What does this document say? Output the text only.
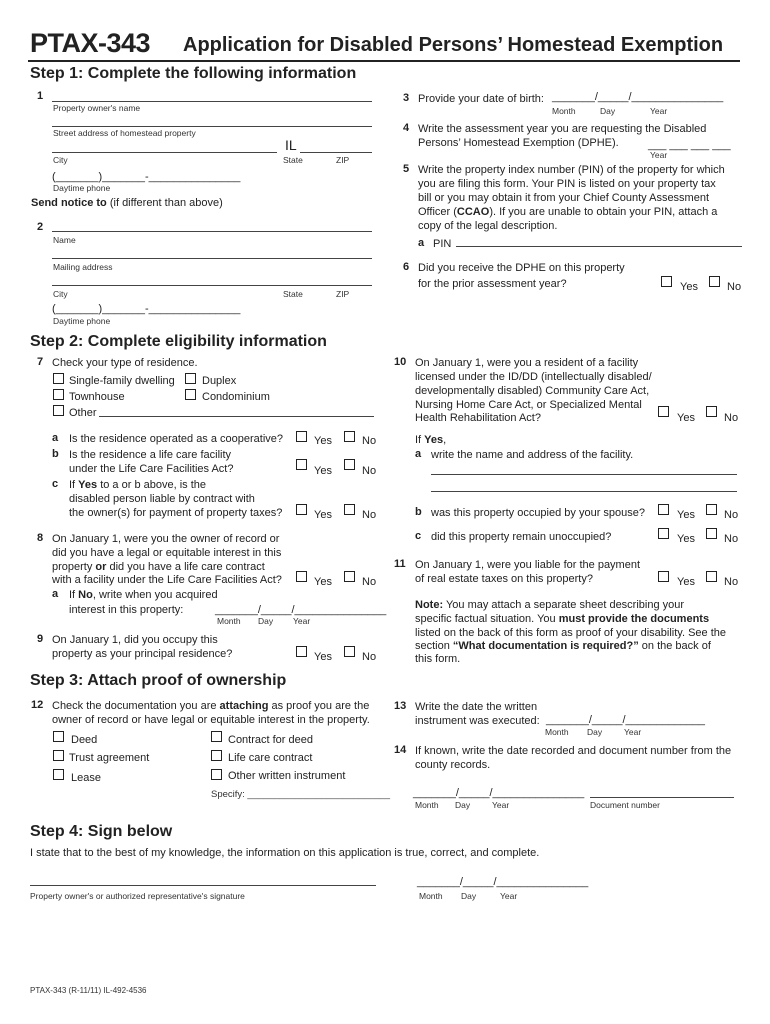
PTAX-343 Application for Disabled Persons’ Homestead Exemption
Step 1: Complete the following information
1
Property owner's name
Street address of homestead property
IL
City	State	ZIP
(_______)_______-_______________
Daytime phone
Send notice to (if different than above)
2
Name
Mailing address
City	State	ZIP
(_______)_______-_______________
Daytime phone
3 Provide your date of birth: _______/_____/_______________
Month	Day	Year
4 Write the assessment year you are requesting the Disabled
Persons’ Homestead Exemption (DPHE).	___ ___ ___ ___
Year
5 Write the property index number (PIN) of the property for which
you are filing this form. Your PIN is listed on your property tax
bill or you may obtain it from your Chief County Assessment
Officer (CCAO). If you are unable to obtain your PIN, attach a
copy of the legal description.
a PIN
6 Did you receive the DPHE on this property
for the prior assessment year?	Yes	No
Step 2: Complete eligibility information
7 Check your type of residence.
Single-family dwelling Duplex
Townhouse	Condominium
Other
a Is the residence operated as a cooperative?	Yes	No
b Is the residence a life care facility
under the Life Care Facilities Act?	Yes	No
c If Yes to a or b above, is the
disabled person liable by contract with
the owner(s) for payment of property taxes?	Yes	No
8 On January 1, were you the owner of record or
did you have a legal or equitable interest in this
property or did you have a life care contract
with a facility under the Life Care Facilities Act?	Yes	No
a If No, write when you acquired
interest in this property:	_______/_____/_______________
Month Day Year
9 On January 1, did you occupy this
property as your principal residence?	Yes	No
10 On January 1, were you a resident of a facility
licensed under the ID/DD (intellectually disabled/
developmentally disabled) Community Care Act,
Nursing Home Care Act, or Specialized Mental
Health Rehabilitation Act?	Yes	No
If Yes,
a write the name and address of the facility.
b was this property occupied by your spouse?	Yes	No
c did this property remain unoccupied?	Yes	No
11 On January 1, were you liable for the payment
of real estate taxes on this property?	Yes	No
Note: You may attach a separate sheet describing your
specific factual situation. You must provide the documents
listed on the back of this form as proof of your disability. See the
section “What documentation is required?” on the back of
this form.
Step 3: Attach proof of ownership
12 Check the documentation you are attaching as proof you are the
owner of record or have legal or equitable interest in the property.
Deed	Contract for deed
Trust agreement	Life care contract
Lease	Other written instrument
Specify: ___________________________
13 Write the date the written
instrument was executed: _______/_____/_____________
Month Day	Year
14 If known, write the date recorded and document number from the
county records.
_______/_____/_______________
Month Day	Year	Document number
Step 4: Sign below
I state that to the best of my knowledge, the information on this application is true, correct, and complete.
Property owner's or authorized representative's signature
_______/_____/_______________
Month Day	Year
PTAX-343 (R-11/11) IL-492-4536
